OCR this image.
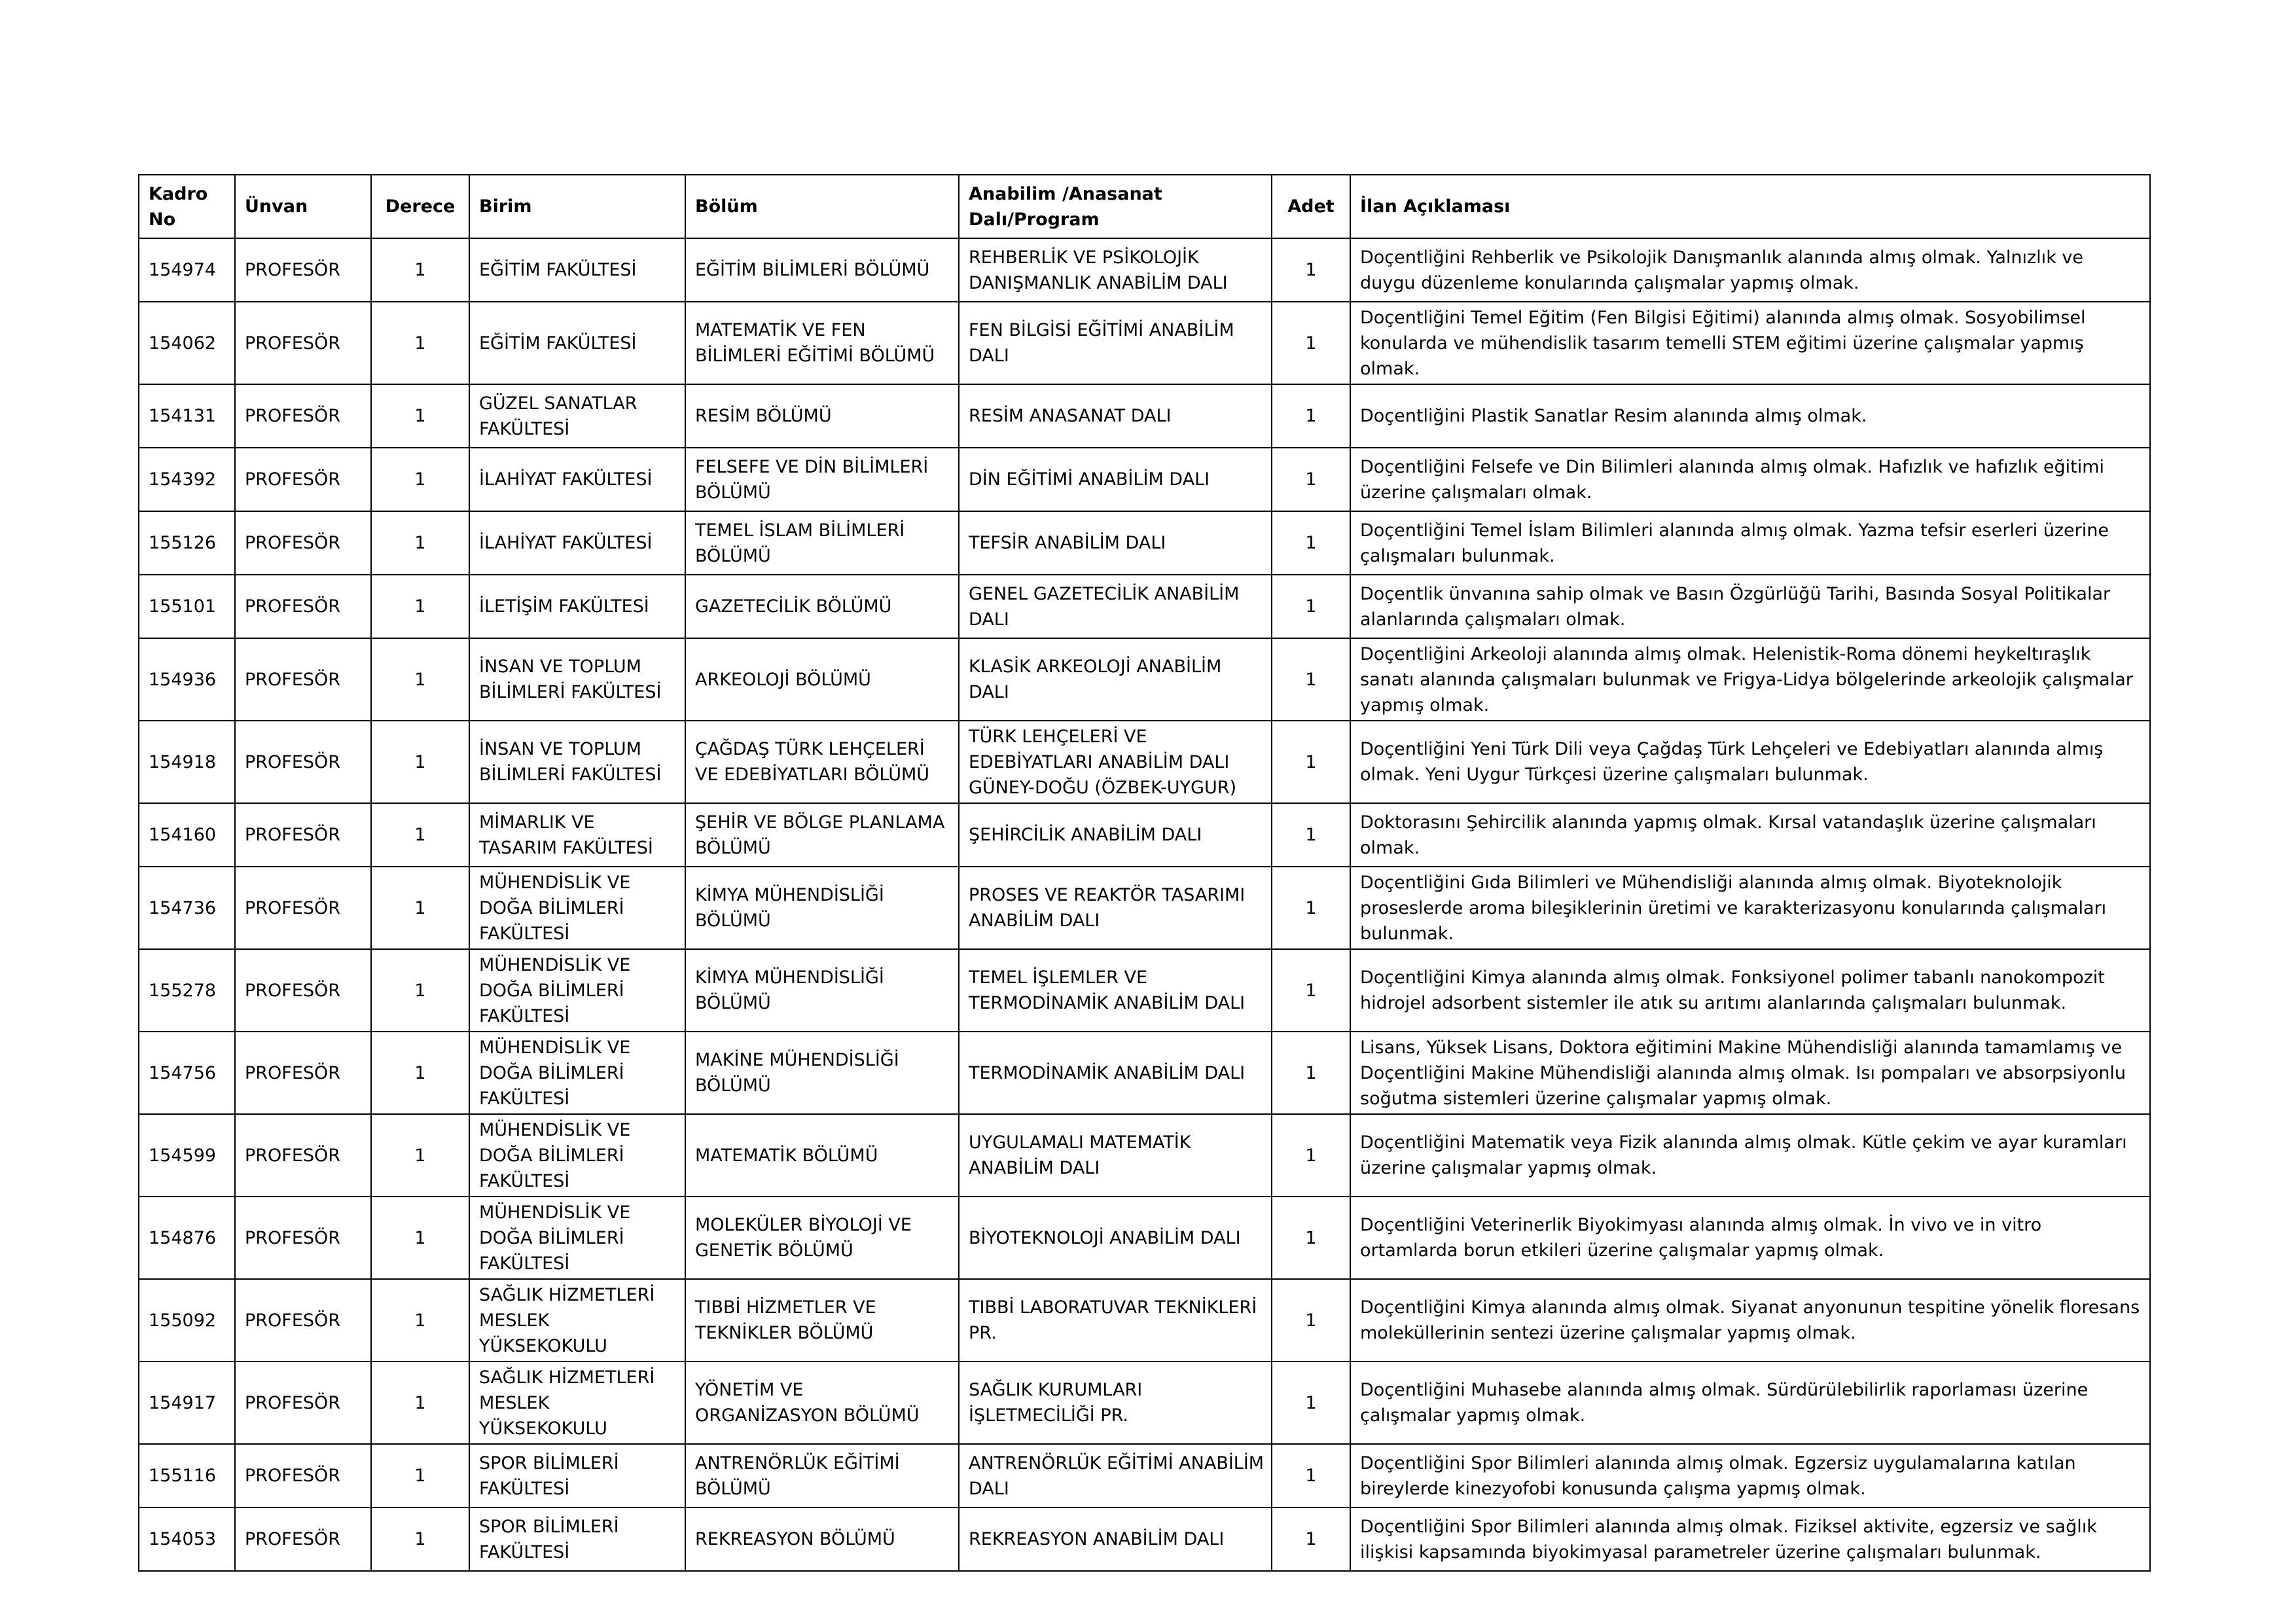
Kadro No	Ünvan	Derece	Birim	Bölüm	Anabilim /Anasanat Dalı/Program	Adet	İlan Açıklaması
154974	PROFESÖR	1	EĞİTİM FAKÜLTESİ	EĞİTİM BİLİMLERİ BÖLÜMÜ	REHBERLİK VE PSİKOLOJİK DANIŞMANLIK ANABİLİM DALI	1	Doçentliğini Rehberlik ve Psikolojik Danışmanlık alanında almış olmak. Yalnızlık ve duygu düzenleme konularında çalışmalar yapmış olmak.
154062	PROFESÖR	1	EĞİTİM FAKÜLTESİ	MATEMATİK VE FEN BİLİMLERİ EĞİTİMİ BÖLÜMÜ	FEN BİLGİSİ EĞİTİMİ ANABİLİM DALI	1	Doçentliğini Temel Eğitim (Fen Bilgisi Eğitimi) alanında almış olmak. Sosyobilimsel konularda ve mühendislik tasarım temelli STEM eğitimi üzerine çalışmalar yapmış olmak.
154131	PROFESÖR	1	GÜZEL SANATLAR FAKÜLTESİ	RESİM BÖLÜMÜ	RESİM ANASANAT DALI	1	Doçentliğini Plastik Sanatlar Resim alanında almış olmak.
154392	PROFESÖR	1	İLAHİYAT FAKÜLTESİ	FELSEFE VE DİN BİLİMLERİ BÖLÜMÜ	DİN EĞİTİMİ ANABİLİM DALI	1	Doçentliğini Felsefe ve Din Bilimleri alanında almış olmak. Hafızlık ve hafızlık eğitimi üzerine çalışmaları olmak.
155126	PROFESÖR	1	İLAHİYAT FAKÜLTESİ	TEMEL İSLAM BİLİMLERİ BÖLÜMÜ	TEFSİR ANABİLİM DALI	1	Doçentliğini Temel İslam Bilimleri alanında almış olmak. Yazma tefsir eserleri üzerine çalışmaları bulunmak.
155101	PROFESÖR	1	İLETİŞİM FAKÜLTESİ	GAZETECİLİK BÖLÜMÜ	GENEL GAZETECİLİK ANABİLİM DALI	1	Doçentlik ünvanına sahip olmak ve Basın Özgürlüğü Tarihi, Basında Sosyal Politikalar alanlarında çalışmaları olmak.
154936	PROFESÖR	1	İNSAN VE TOPLUM BİLİMLERİ FAKÜLTESİ	ARKEOLOJİ BÖLÜMÜ	KLASİK ARKEOLOJİ ANABİLİM DALI	1	Doçentliğini Arkeoloji alanında almış olmak. Helenistik-Roma dönemi heykeltıraşlık sanatı alanında çalışmaları bulunmak ve Frigya-Lidya bölgelerinde arkeolojik çalışmalar yapmış olmak.
154918	PROFESÖR	1	İNSAN VE TOPLUM BİLİMLERİ FAKÜLTESİ	ÇAĞDAŞ TÜRK LEHÇELERİ VE EDEBİYATLARI BÖLÜMÜ	TÜRK LEHÇELERİ VE EDEBİYATLARI ANABİLİM DALI GÜNEY-DOĞU (ÖZBEK-UYGUR)	1	Doçentliğini Yeni Türk Dili veya Çağdaş Türk Lehçeleri ve Edebiyatları alanında almış olmak. Yeni Uygur Türkçesi üzerine çalışmaları bulunmak.
154160	PROFESÖR	1	MİMARLIK VE TASARIM FAKÜLTESİ	ŞEHİR VE BÖLGE PLANLAMA BÖLÜMÜ	ŞEHİRCİLİK ANABİLİM DALI	1	Doktorasını Şehircilik alanında yapmış olmak. Kırsal vatandaşlık üzerine çalışmaları olmak.
154736	PROFESÖR	1	MÜHENDİSLİK VE DOĞA BİLİMLERİ FAKÜLTESİ	KİMYA MÜHENDİSLİĞİ BÖLÜMÜ	PROSES VE REAKTÖR TASARIMI ANABİLİM DALI	1	Doçentliğini Gıda Bilimleri ve Mühendisliği alanında almış olmak. Biyoteknolojik proseslerde aroma bileşiklerinin üretimi ve karakterizasyonu konularında çalışmaları bulunmak.
155278	PROFESÖR	1	MÜHENDİSLİK VE DOĞA BİLİMLERİ FAKÜLTESİ	KİMYA MÜHENDİSLİĞİ BÖLÜMÜ	TEMEL İŞLEMLER VE TERMODİNAMİK ANABİLİM DALI	1	Doçentliğini Kimya alanında almış olmak. Fonksiyonel polimer tabanlı nanokompozit hidrojel adsorbent sistemler ile atık su arıtımı alanlarında çalışmaları bulunmak.
154756	PROFESÖR	1	MÜHENDİSLİK VE DOĞA BİLİMLERİ FAKÜLTESİ	MAKİNE MÜHENDİSLİĞİ BÖLÜMÜ	TERMODİNAMİK ANABİLİM DALI	1	Lisans, Yüksek Lisans, Doktora eğitimini Makine Mühendisliği alanında tamamlamış ve Doçentliğini Makine Mühendisliği alanında almış olmak. Isı pompaları ve absorpsiyonlu soğutma sistemleri üzerine çalışmalar yapmış olmak.
154599	PROFESÖR	1	MÜHENDİSLİK VE DOĞA BİLİMLERİ FAKÜLTESİ	MATEMATİK BÖLÜMÜ	UYGULAMALI MATEMATİK ANABİLİM DALI	1	Doçentliğini Matematik veya Fizik alanında almış olmak. Kütle çekim ve ayar kuramları üzerine çalışmalar yapmış olmak.
154876	PROFESÖR	1	MÜHENDİSLİK VE DOĞA BİLİMLERİ FAKÜLTESİ	MOLEKÜLER BİYOLOJİ VE GENETİK BÖLÜMÜ	BİYOTEKNOLOJİ ANABİLİM DALI	1	Doçentliğini Veterinerlik Biyokimyası alanında almış olmak. İn vivo ve in vitro ortamlarda borun etkileri üzerine çalışmalar yapmış olmak.
155092	PROFESÖR	1	SAĞLIK HİZMETLERİ MESLEK YÜKSEKOKULU	TIBBİ HİZMETLER VE TEKNİKLER BÖLÜMÜ	TIBBİ LABORATUVAR TEKNİKLERİ PR.	1	Doçentliğini Kimya alanında almış olmak. Siyanat anyonunun tespitine yönelik floresans moleküllerinin sentezi üzerine çalışmalar yapmış olmak.
154917	PROFESÖR	1	SAĞLIK HİZMETLERİ MESLEK YÜKSEKOKULU	YÖNETİM VE ORGANİZASYON BÖLÜMÜ	SAĞLIK KURUMLARI İŞLETMECİLİĞİ PR.	1	Doçentliğini Muhasebe alanında almış olmak. Sürdürülebilirlik raporlaması üzerine çalışmalar yapmış olmak.
155116	PROFESÖR	1	SPOR BİLİMLERİ FAKÜLTESİ	ANTRENÖRLÜK EĞİTİMİ BÖLÜMÜ	ANTRENÖRLÜK EĞİTİMİ ANABİLİM DALI	1	Doçentliğini Spor Bilimleri alanında almış olmak. Egzersiz uygulamalarına katılan bireylerde kinezyofobi konusunda çalışma yapmış olmak.
154053	PROFESÖR	1	SPOR BİLİMLERİ FAKÜLTESİ	REKREASYON BÖLÜMÜ	REKREASYON ANABİLİM DALI	1	Doçentliğini Spor Bilimleri alanında almış olmak. Fiziksel aktivite, egzersiz ve sağlık ilişkisi kapsamında biyokimyasal parametreler üzerine çalışmaları bulunmak.
